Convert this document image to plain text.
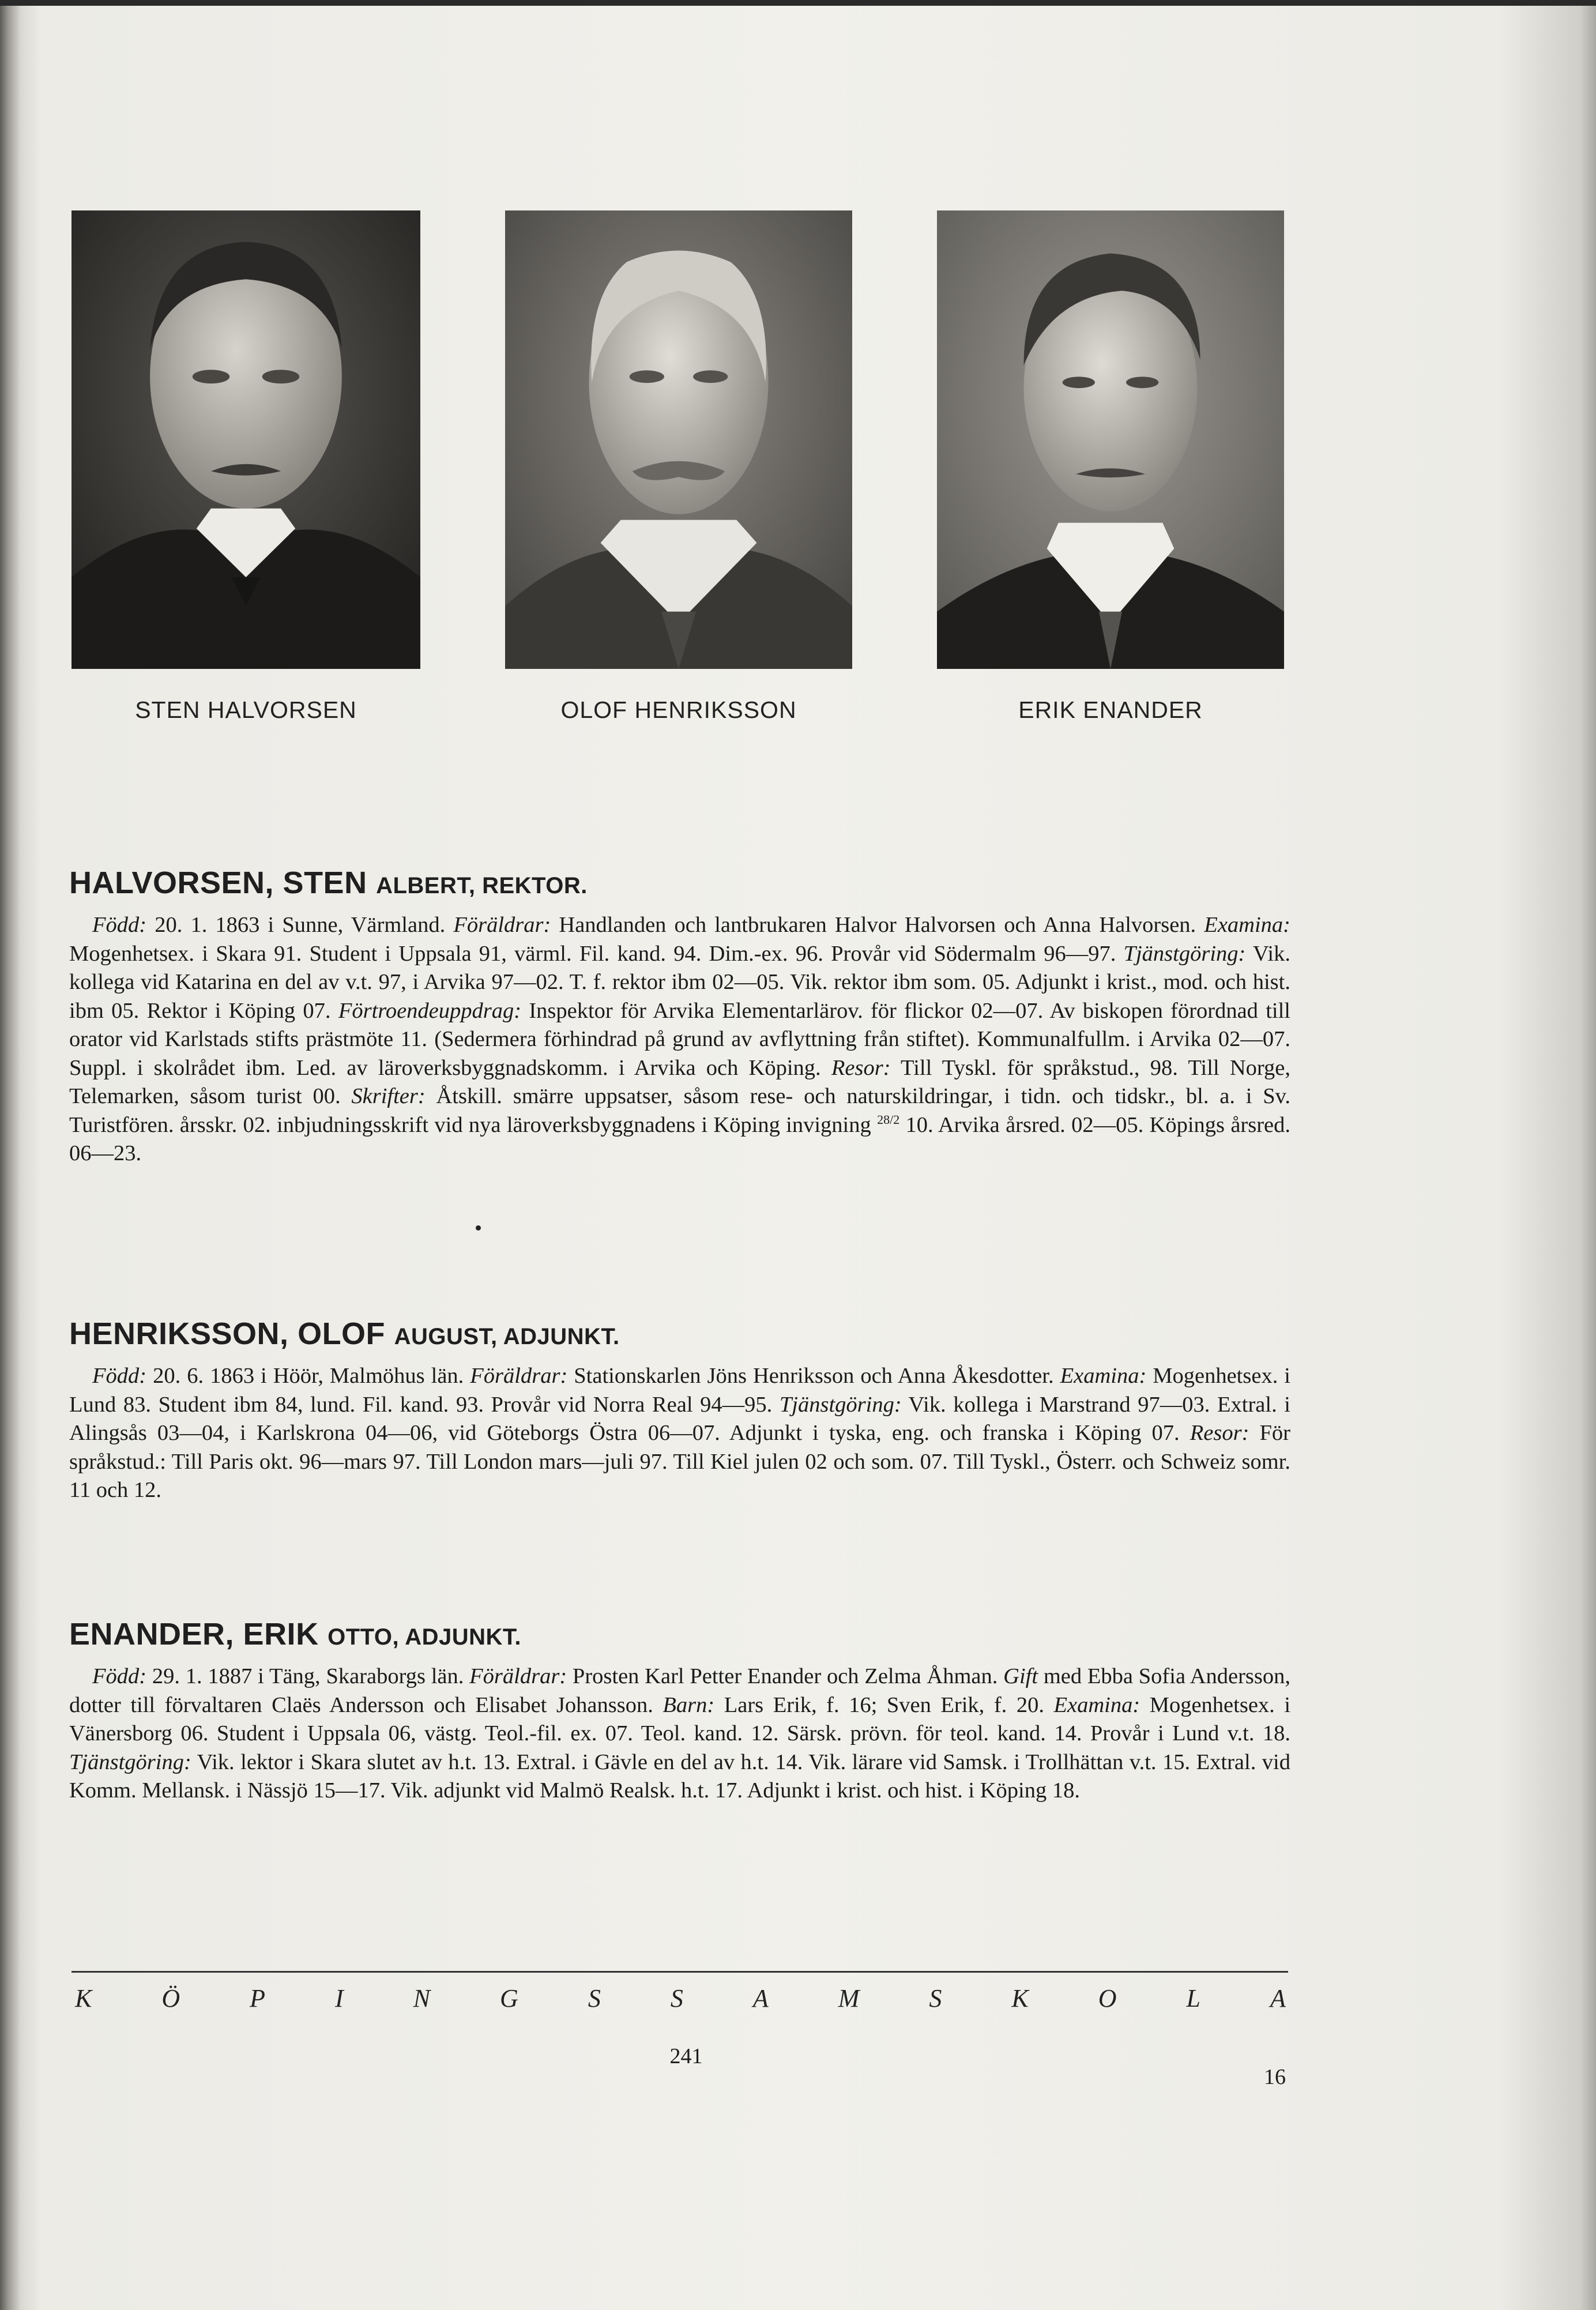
STEN HALVORSEN	OLOF HENRIKSSON	ERIK ENANDER
HALVORSEN, STEN ALBERT, REKTOR.

Född: 20. 1. 1863 i Sunne, Värmland. Föräldrar: Handlanden och lantbrukaren Halvor Halvorsen och Anna Halvorsen. Examina: Mogenhetsex. i Skara 91. Student i Uppsala 91, värml. Fil. kand. 94. Dim.-ex. 96. Provår vid Södermalm 96—97. Tjänstgöring: Vik. kollega vid Katarina en del av v.t. 97, i Arvika 97—02. T. f. rektor ibm 02—05. Vik. rektor ibm som. 05. Adjunkt i krist., mod. och hist. ibm 05. Rektor i Köping 07. Förtroendeuppdrag: Inspektor för Arvika Elementarlärov. för flickor 02—07. Av biskopen förordnad till orator vid Karlstads stifts prästmöte 11. (Sedermera förhindrad på grund av avflyttning från stiftet). Kommunalfullm. i Arvika 02—07. Suppl. i skolrådet ibm. Led. av läroverksbyggnadskomm. i Arvika och Köping. Resor: Till Tyskl. för språkstud., 98. Till Norge, Telemarken, såsom turist 00. Skrifter: Åtskill. smärre uppsatser, såsom rese- och naturskildringar, i tidn. och tidskr., bl. a. i Sv. Turistfören. årsskr. 02. inbjudningsskrift vid nya läroverksbyggnadens i Köping invigning $^{28/2}$ 10. Arvika årsred. 02—05. Köpings årsred. 06—23.

HENRIKSSON, OLOF AUGUST, ADJUNKT.

Född: 20. 6. 1863 i Höör, Malmöhus län. Föräldrar: Stationskarlen Jöns Henriksson och Anna Åkesdotter. Examina: Mogenhetsex. i Lund 83. Student ibm 84, lund. Fil. kand. 93. Provår vid Norra Real 94—95. Tjänstgöring: Vik. kollega i Marstrand 97—03. Extral. i Alingsås 03—04, i Karlskrona 04—06, vid Göteborgs Östra 06—07. Adjunkt i tyska, eng. och franska i Köping 07. Resor: För språkstud.: Till Paris okt. 96—mars 97. Till London mars—juli 97. Till Kiel julen 02 och som. 07. Till Tyskl., Österr. och Schweiz somr. 11 och 12.

ENANDER, ERIK OTTO, ADJUNKT.

Född: 29. 1. 1887 i Täng, Skaraborgs län. Föräldrar: Prosten Karl Petter Enander och Zelma Åhman. Gift med Ebba Sofia Andersson, dotter till förvaltaren Claës Andersson och Elisabet Johansson. Barn: Lars Erik, f. 16; Sven Erik, f. 20. Examina: Mogenhetsex. i Vänersborg 06. Student i Uppsala 06, västg. Teol.-fil. ex. 07. Teol. kand. 12. Särsk. prövn. för teol. kand. 14. Provår i Lund v.t. 18. Tjänstgöring: Vik. lektor i Skara slutet av h.t. 13. Extral. i Gävle en del av h.t. 14. Vik. lärare vid Samsk. i Trollhättan v.t. 15. Extral. vid Komm. Mellansk. i Nässjö 15—17. Vik. adjunkt vid Malmö Realsk. h.t. 17. Adjunkt i krist. och hist. i Köping 18.

K	Ö	P	I	N	G	S	S	A	M	S	K	O	L	A
241
16
